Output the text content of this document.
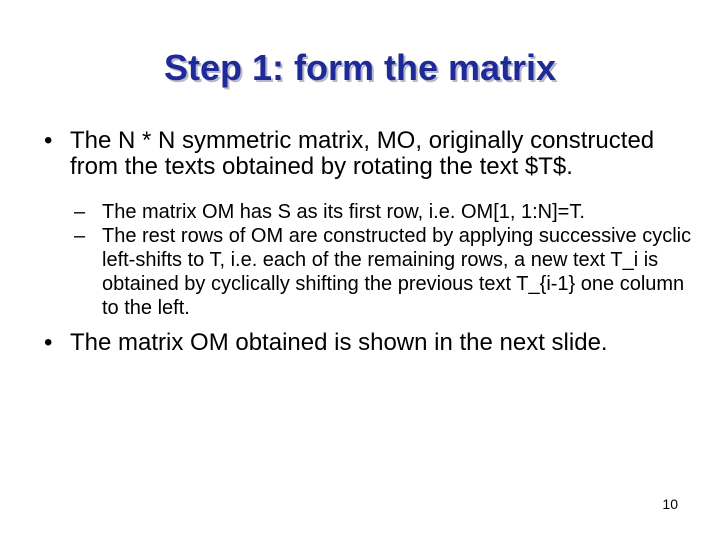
Step 1: form the matrix
• The N * N symmetric matrix, MO, originally constructed from the texts obtained by rotating the text $T$.
– The matrix OM has S as its first row, i.e. OM[1, 1:N]=T.
– The rest rows of OM are constructed by applying successive cyclic left-shifts to T, i.e. each of the remaining rows, a new text T_i is obtained by cyclically shifting the previous text T_{i-1} one column to the left.
• The matrix OM obtained is shown in the next slide.
10
